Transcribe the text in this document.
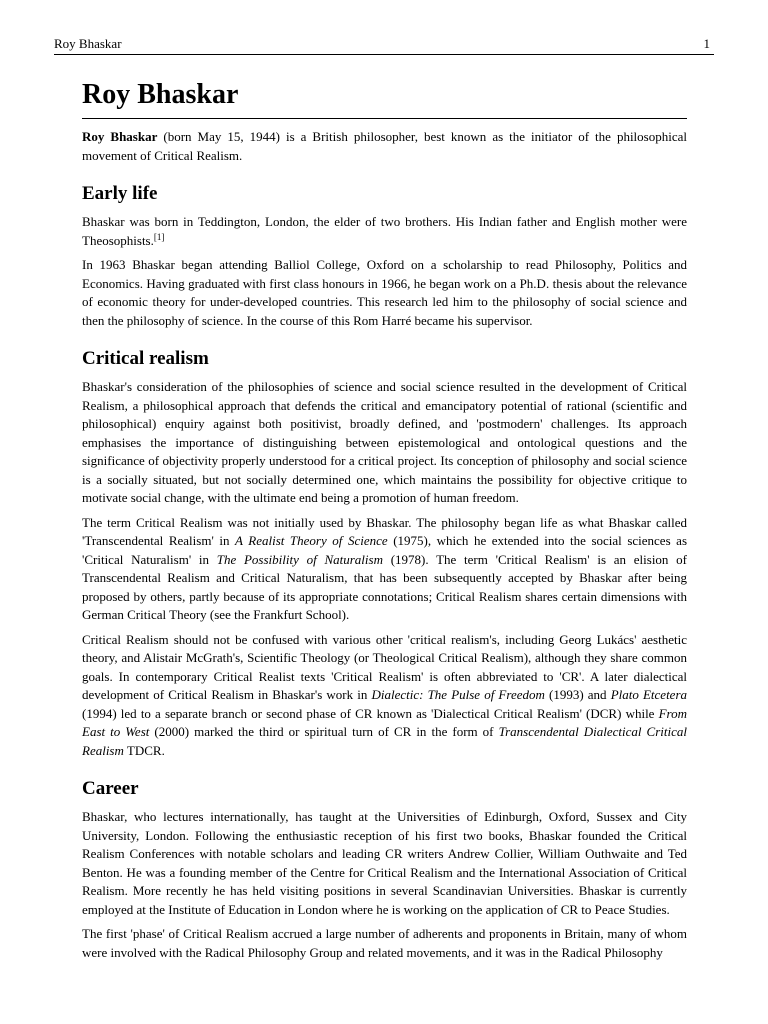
Roy Bhaskar	1
Roy Bhaskar

Roy Bhaskar (born May 15, 1944) is a British philosopher, best known as the initiator of the philosophical movement of Critical Realism.

Early life

Bhaskar was born in Teddington, London, the elder of two brothers. His Indian father and English mother were Theosophists.[1]

In 1963 Bhaskar began attending Balliol College, Oxford on a scholarship to read Philosophy, Politics and Economics. Having graduated with first class honours in 1966, he began work on a Ph.D. thesis about the relevance of economic theory for under-developed countries. This research led him to the philosophy of social science and then the philosophy of science. In the course of this Rom Harré became his supervisor.

Critical realism

Bhaskar's consideration of the philosophies of science and social science resulted in the development of Critical Realism, a philosophical approach that defends the critical and emancipatory potential of rational (scientific and philosophical) enquiry against both positivist, broadly defined, and 'postmodern' challenges. Its approach emphasises the importance of distinguishing between epistemological and ontological questions and the significance of objectivity properly understood for a critical project. Its conception of philosophy and social science is a socially situated, but not socially determined one, which maintains the possibility for objective critique to motivate social change, with the ultimate end being a promotion of human freedom.

The term Critical Realism was not initially used by Bhaskar. The philosophy began life as what Bhaskar called 'Transcendental Realism' in A Realist Theory of Science (1975), which he extended into the social sciences as 'Critical Naturalism' in The Possibility of Naturalism (1978). The term 'Critical Realism' is an elision of Transcendental Realism and Critical Naturalism, that has been subsequently accepted by Bhaskar after being proposed by others, partly because of its appropriate connotations; Critical Realism shares certain dimensions with German Critical Theory (see the Frankfurt School).

Critical Realism should not be confused with various other 'critical realism's, including Georg Lukács' aesthetic theory, and Alistair McGrath's, Scientific Theology (or Theological Critical Realism), although they share common goals. In contemporary Critical Realist texts 'Critical Realism' is often abbreviated to 'CR'. A later dialectical development of Critical Realism in Bhaskar's work in Dialectic: The Pulse of Freedom (1993) and Plato Etcetera (1994) led to a separate branch or second phase of CR known as 'Dialectical Critical Realism' (DCR) while From East to West (2000) marked the third or spiritual turn of CR in the form of Transcendental Dialectical Critical Realism TDCR.

Career

Bhaskar, who lectures internationally, has taught at the Universities of Edinburgh, Oxford, Sussex and City University, London. Following the enthusiastic reception of his first two books, Bhaskar founded the Critical Realism Conferences with notable scholars and leading CR writers Andrew Collier, William Outhwaite and Ted Benton. He was a founding member of the Centre for Critical Realism and the International Association of Critical Realism. More recently he has held visiting positions in several Scandinavian Universities. Bhaskar is currently employed at the Institute of Education in London where he is working on the application of CR to Peace Studies.

The first 'phase' of Critical Realism accrued a large number of adherents and proponents in Britain, many of whom were involved with the Radical Philosophy Group and related movements, and it was in the Radical Philosophy
